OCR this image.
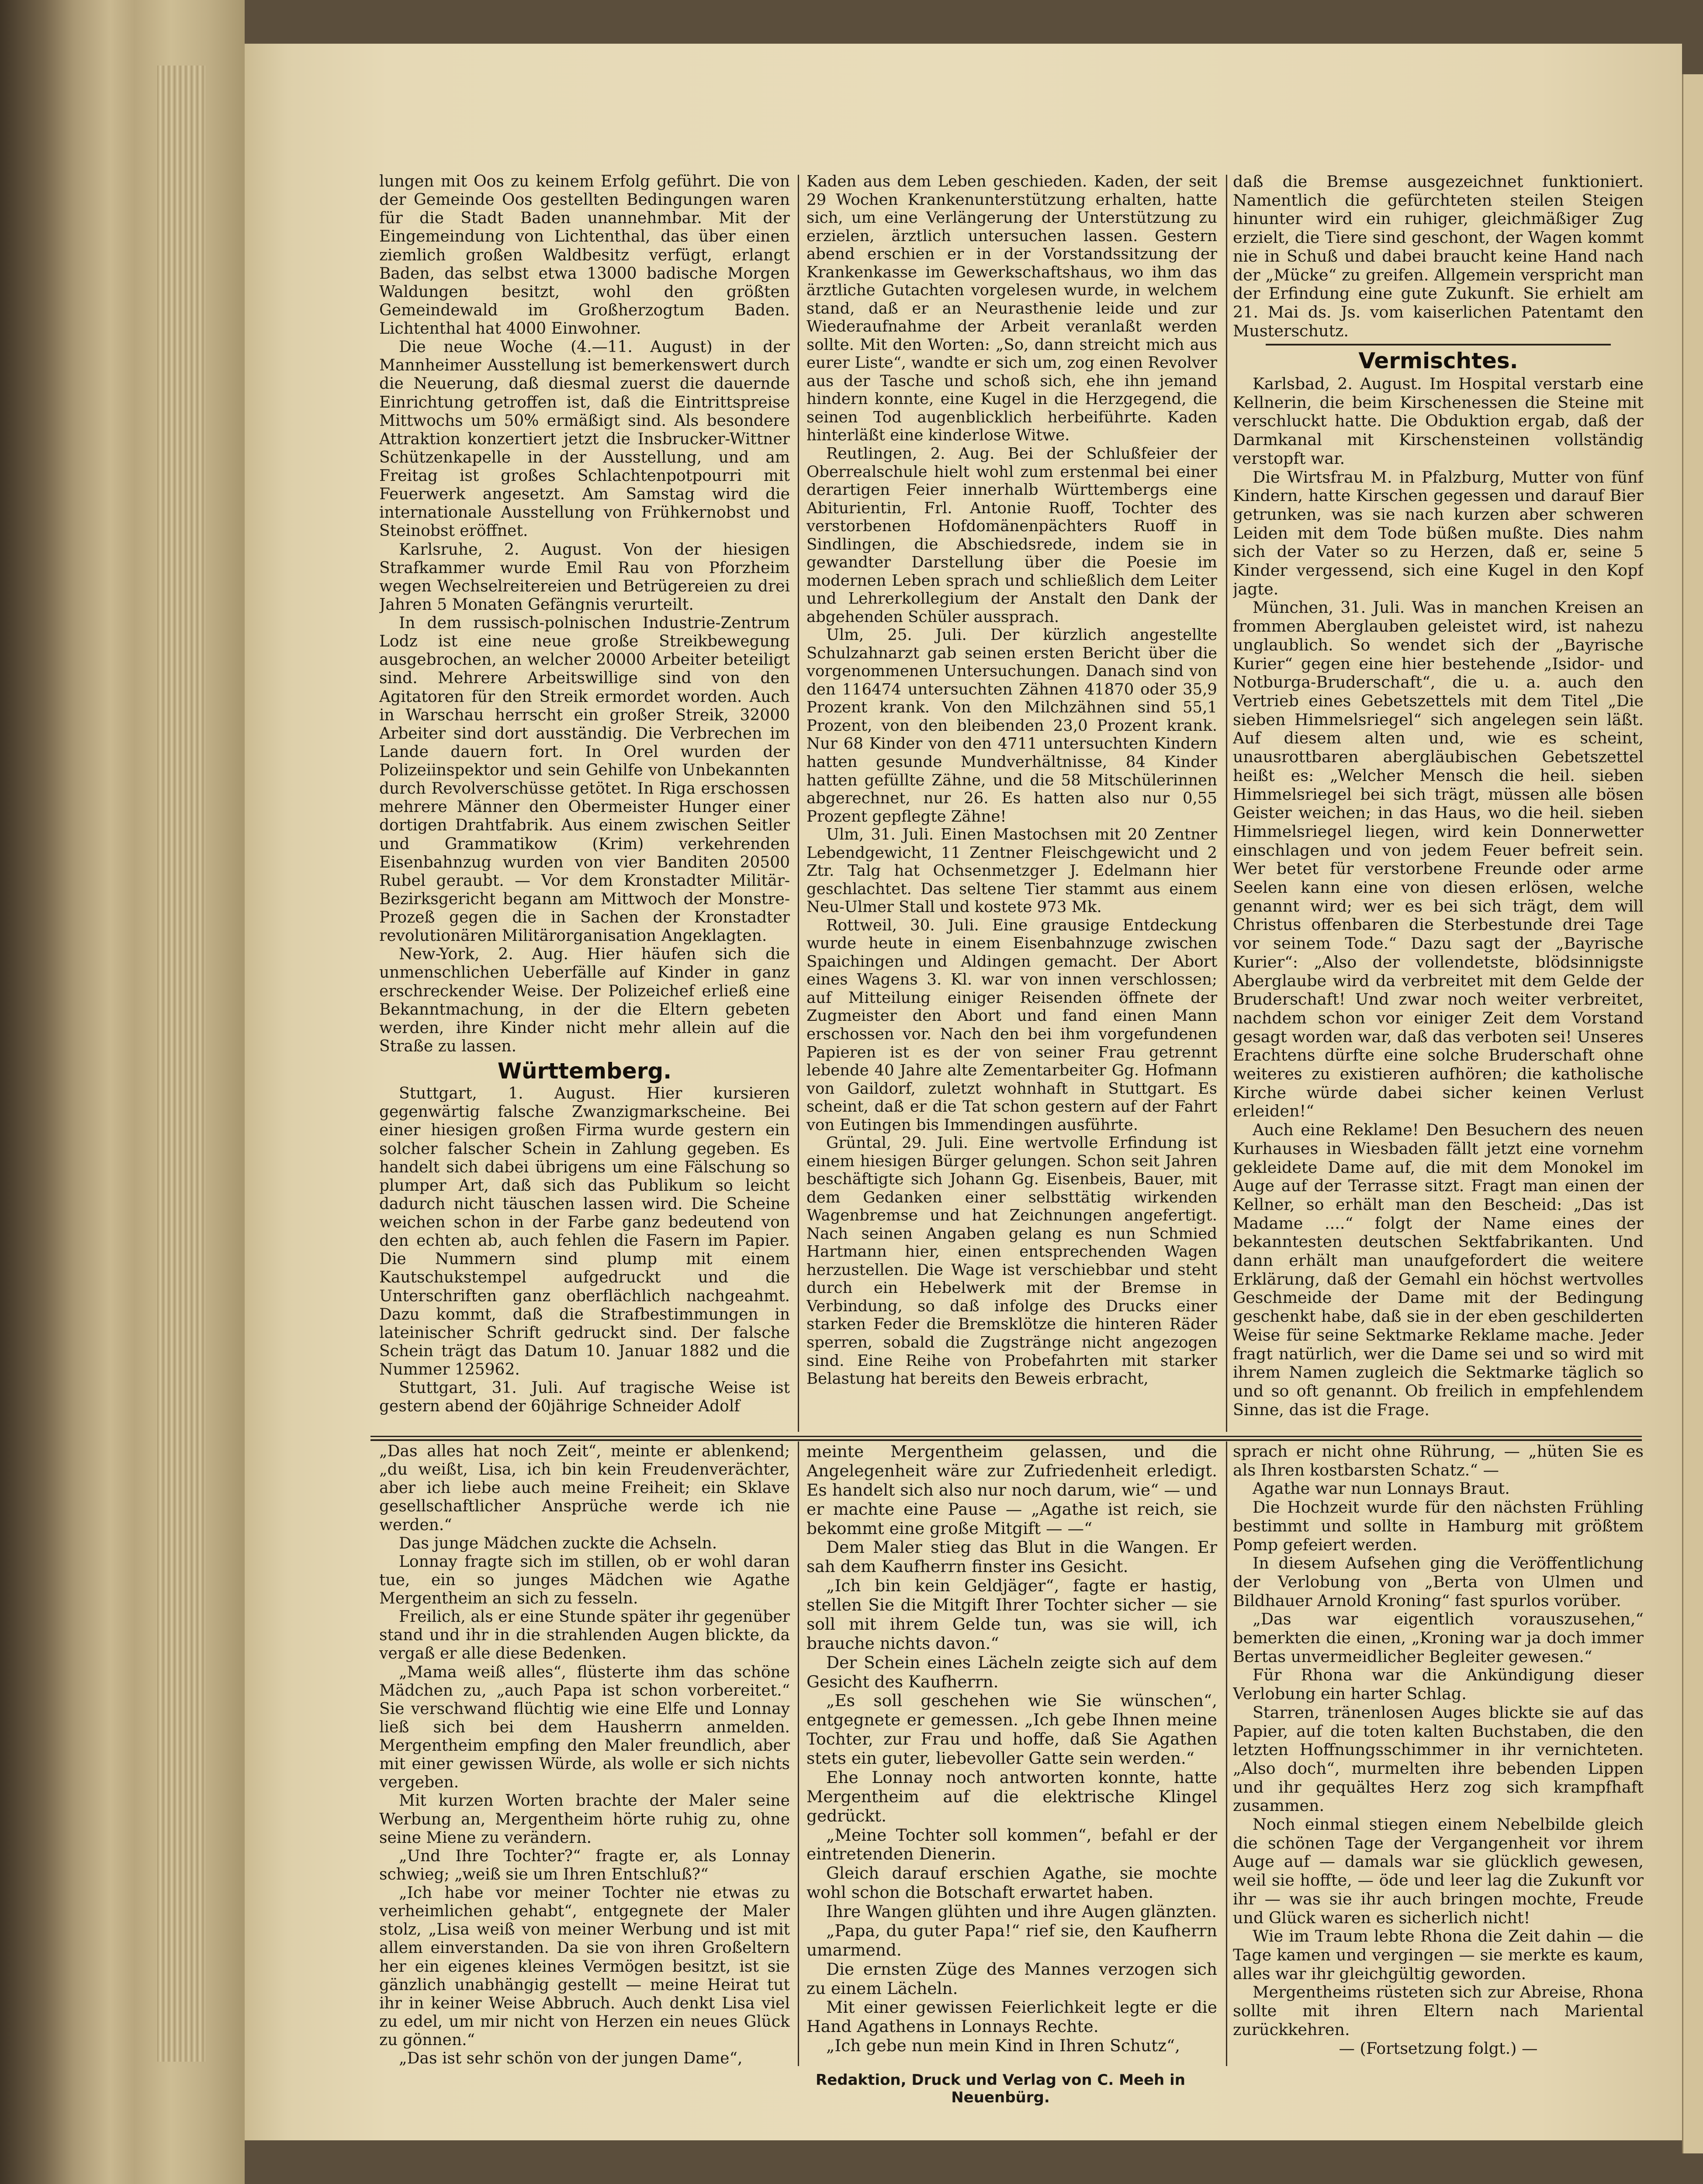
lungen mit Oos zu keinem Erfolg geführt. Die von der Gemeinde Oos gestellten Bedingungen waren für die Stadt Baden unannehmbar. Mit der Eingemeindung von Lichtenthal, das über einen ziemlich großen Waldbesitz verfügt, erlangt Baden, das selbst etwa 13000 badische Morgen Waldungen besitzt, wohl den größten Gemeindewald im Großherzogtum Baden. Lichtenthal hat 4000 Einwohner.

Die neue Woche (4.—11. August) in der Mannheimer Ausstellung ist bemerkenswert durch die Neuerung, daß diesmal zuerst die dauernde Einrichtung getroffen ist, daß die Eintrittspreise Mittwochs um 50% ermäßigt sind. Als besondere Attraktion konzertiert jetzt die Insbrucker-Wittner Schützenkapelle in der Ausstellung, und am Freitag ist großes Schlachtenpotpourri mit Feuerwerk angesetzt. Am Samstag wird die internationale Ausstellung von Frühkernobst und Steinobst eröffnet.

Karlsruhe, 2. August. Von der hiesigen Strafkammer wurde Emil Rau von Pforzheim wegen Wechselreitereien und Betrügereien zu drei Jahren 5 Monaten Gefängnis verurteilt.

In dem russisch-polnischen Industrie-Zentrum Lodz ist eine neue große Streikbewegung ausgebrochen, an welcher 20000 Arbeiter beteiligt sind. Mehrere Arbeitswillige sind von den Agitatoren für den Streik ermordet worden. Auch in Warschau herrscht ein großer Streik, 32000 Arbeiter sind dort ausständig. Die Verbrechen im Lande dauern fort. In Orel wurden der Polizeiinspektor und sein Gehilfe von Unbekannten durch Revolverschüsse getötet. In Riga erschossen mehrere Männer den Obermeister Hunger einer dortigen Drahtfabrik. Aus einem zwischen Seitler und Grammatikow (Krim) verkehrenden Eisenbahnzug wurden von vier Banditen 20500 Rubel geraubt. — Vor dem Kronstadter Militär-Bezirksgericht begann am Mittwoch der Monstre-Prozeß gegen die in Sachen der Kronstadter revolutionären Militärorganisation Angeklagten.

New-York, 2. Aug. Hier häufen sich die unmenschlichen Ueberfälle auf Kinder in ganz erschreckender Weise. Der Polizeichef erließ eine Bekanntmachung, in der die Eltern gebeten werden, ihre Kinder nicht mehr allein auf die Straße zu lassen.

Württemberg.

Stuttgart, 1. August. Hier kursieren gegenwärtig falsche Zwanzigmarkscheine. Bei einer hiesigen großen Firma wurde gestern ein solcher falscher Schein in Zahlung gegeben. Es handelt sich dabei übrigens um eine Fälschung so plumper Art, daß sich das Publikum so leicht dadurch nicht täuschen lassen wird. Die Scheine weichen schon in der Farbe ganz bedeutend von den echten ab, auch fehlen die Fasern im Papier. Die Nummern sind plump mit einem Kautschukstempel aufgedruckt und die Unterschriften ganz oberflächlich nachgeahmt. Dazu kommt, daß die Strafbestimmungen in lateinischer Schrift gedruckt sind. Der falsche Schein trägt das Datum 10. Januar 1882 und die Nummer 125962.

Stuttgart, 31. Juli. Auf tragische Weise ist gestern abend der 60jährige Schneider Adolf

Kaden aus dem Leben geschieden. Kaden, der seit 29 Wochen Krankenunterstützung erhalten, hatte sich, um eine Verlängerung der Unterstützung zu erzielen, ärztlich untersuchen lassen. Gestern abend erschien er in der Vorstandssitzung der Krankenkasse im Gewerkschaftshaus, wo ihm das ärztliche Gutachten vorgelesen wurde, in welchem stand, daß er an Neurasthenie leide und zur Wiederaufnahme der Arbeit veranlaßt werden sollte. Mit den Worten: „So, dann streicht mich aus eurer Liste“, wandte er sich um, zog einen Revolver aus der Tasche und schoß sich, ehe ihn jemand hindern konnte, eine Kugel in die Herzgegend, die seinen Tod augenblicklich herbeiführte. Kaden hinterläßt eine kinderlose Witwe.

Reutlingen, 2. Aug. Bei der Schlußfeier der Oberrealschule hielt wohl zum erstenmal bei einer derartigen Feier innerhalb Württembergs eine Abiturientin, Frl. Antonie Ruoff, Tochter des verstorbenen Hofdomänenpächters Ruoff in Sindlingen, die Abschiedsrede, indem sie in gewandter Darstellung über die Poesie im modernen Leben sprach und schließlich dem Leiter und Lehrerkollegium der Anstalt den Dank der abgehenden Schüler aussprach.

Ulm, 25. Juli. Der kürzlich angestellte Schulzahnarzt gab seinen ersten Bericht über die vorgenommenen Untersuchungen. Danach sind von den 116474 untersuchten Zähnen 41870 oder 35,9 Prozent krank. Von den Milchzähnen sind 55,1 Prozent, von den bleibenden 23,0 Prozent krank. Nur 68 Kinder von den 4711 untersuchten Kindern hatten gesunde Mundverhältnisse, 84 Kinder hatten gefüllte Zähne, und die 58 Mitschülerinnen abgerechnet, nur 26. Es hatten also nur 0,55 Prozent gepflegte Zähne!

Ulm, 31. Juli. Einen Mastochsen mit 20 Zentner Lebendgewicht, 11 Zentner Fleischgewicht und 2 Ztr. Talg hat Ochsenmetzger J. Edelmann hier geschlachtet. Das seltene Tier stammt aus einem Neu-Ulmer Stall und kostete 973 Mk.

Rottweil, 30. Juli. Eine grausige Entdeckung wurde heute in einem Eisenbahnzuge zwischen Spaichingen und Aldingen gemacht. Der Abort eines Wagens 3. Kl. war von innen verschlossen; auf Mitteilung einiger Reisenden öffnete der Zugmeister den Abort und fand einen Mann erschossen vor. Nach den bei ihm vorgefundenen Papieren ist es der von seiner Frau getrennt lebende 40 Jahre alte Zementarbeiter Gg. Hofmann von Gaildorf, zuletzt wohnhaft in Stuttgart. Es scheint, daß er die Tat schon gestern auf der Fahrt von Eutingen bis Immendingen ausführte.

Grüntal, 29. Juli. Eine wertvolle Erfindung ist einem hiesigen Bürger gelungen. Schon seit Jahren beschäftigte sich Johann Gg. Eisenbeis, Bauer, mit dem Gedanken einer selbsttätig wirkenden Wagenbremse und hat Zeichnungen angefertigt. Nach seinen Angaben gelang es nun Schmied Hartmann hier, einen entsprechenden Wagen herzustellen. Die Wage ist verschiebbar und steht durch ein Hebelwerk mit der Bremse in Verbindung, so daß infolge des Drucks einer starken Feder die Bremsklötze die hinteren Räder sperren, sobald die Zugstränge nicht angezogen sind. Eine Reihe von Probefahrten mit starker Belastung hat bereits den Beweis erbracht,

daß die Bremse ausgezeichnet funktioniert. Namentlich die gefürchteten steilen Steigen hinunter wird ein ruhiger, gleichmäßiger Zug erzielt, die Tiere sind geschont, der Wagen kommt nie in Schuß und dabei braucht keine Hand nach der „Mücke“ zu greifen. Allgemein verspricht man der Erfindung eine gute Zukunft. Sie erhielt am 21. Mai ds. Js. vom kaiserlichen Patentamt den Musterschutz.

Vermischtes.

Karlsbad, 2. August. Im Hospital verstarb eine Kellnerin, die beim Kirschenessen die Steine mit verschluckt hatte. Die Obduktion ergab, daß der Darmkanal mit Kirschensteinen vollständig verstopft war.

Die Wirtsfrau M. in Pfalzburg, Mutter von fünf Kindern, hatte Kirschen gegessen und darauf Bier getrunken, was sie nach kurzen aber schweren Leiden mit dem Tode büßen mußte. Dies nahm sich der Vater so zu Herzen, daß er, seine 5 Kinder vergessend, sich eine Kugel in den Kopf jagte.

München, 31. Juli. Was in manchen Kreisen an frommen Aberglauben geleistet wird, ist nahezu unglaublich. So wendet sich der „Bayrische Kurier“ gegen eine hier bestehende „Isidor- und Notburga-Bruderschaft“, die u. a. auch den Vertrieb eines Gebetszettels mit dem Titel „Die sieben Himmelsriegel“ sich angelegen sein läßt. Auf diesem alten und, wie es scheint, unausrottbaren abergläubischen Gebetszettel heißt es: „Welcher Mensch die heil. sieben Himmelsriegel bei sich trägt, müssen alle bösen Geister weichen; in das Haus, wo die heil. sieben Himmelsriegel liegen, wird kein Donnerwetter einschlagen und von jedem Feuer befreit sein. Wer betet für verstorbene Freunde oder arme Seelen kann eine von diesen erlösen, welche genannt wird; wer es bei sich trägt, dem will Christus offenbaren die Sterbestunde drei Tage vor seinem Tode.“ Dazu sagt der „Bayrische Kurier“: „Also der vollendetste, blödsinnigste Aberglaube wird da verbreitet mit dem Gelde der Bruderschaft! Und zwar noch weiter verbreitet, nachdem schon vor einiger Zeit dem Vorstand gesagt worden war, daß das verboten sei! Unseres Erachtens dürfte eine solche Bruderschaft ohne weiteres zu existieren aufhören; die katholische Kirche würde dabei sicher keinen Verlust erleiden!“

Auch eine Reklame! Den Besuchern des neuen Kurhauses in Wiesbaden fällt jetzt eine vornehm gekleidete Dame auf, die mit dem Monokel im Auge auf der Terrasse sitzt. Fragt man einen der Kellner, so erhält man den Bescheid: „Das ist Madame ....“ folgt der Name eines der bekanntesten deutschen Sektfabrikanten. Und dann erhält man unaufgefordert die weitere Erklärung, daß der Gemahl ein höchst wertvolles Geschmeide der Dame mit der Bedingung geschenkt habe, daß sie in der eben geschilderten Weise für seine Sektmarke Reklame mache. Jeder fragt natürlich, wer die Dame sei und so wird mit ihrem Namen zugleich die Sektmarke täglich so und so oft genannt. Ob freilich in empfehlendem Sinne, das ist die Frage.

„Das alles hat noch Zeit“, meinte er ablenkend; „du weißt, Lisa, ich bin kein Freudenverächter, aber ich liebe auch meine Freiheit; ein Sklave gesellschaftlicher Ansprüche werde ich nie werden.“

Das junge Mädchen zuckte die Achseln.

Lonnay fragte sich im stillen, ob er wohl daran tue, ein so junges Mädchen wie Agathe Mergentheim an sich zu fesseln.

Freilich, als er eine Stunde später ihr gegenüber stand und ihr in die strahlenden Augen blickte, da vergaß er alle diese Bedenken.

„Mama weiß alles“, flüsterte ihm das schöne Mädchen zu, „auch Papa ist schon vorbereitet.“ Sie verschwand flüchtig wie eine Elfe und Lonnay ließ sich bei dem Hausherrn anmelden. Mergentheim empfing den Maler freundlich, aber mit einer gewissen Würde, als wolle er sich nichts vergeben.

Mit kurzen Worten brachte der Maler seine Werbung an, Mergentheim hörte ruhig zu, ohne seine Miene zu verändern.

„Und Ihre Tochter?“ fragte er, als Lonnay schwieg; „weiß sie um Ihren Entschluß?“

„Ich habe vor meiner Tochter nie etwas zu verheimlichen gehabt“, entgegnete der Maler stolz, „Lisa weiß von meiner Werbung und ist mit allem einverstanden. Da sie von ihren Großeltern her ein eigenes kleines Vermögen besitzt, ist sie gänzlich unabhängig gestellt — meine Heirat tut ihr in keiner Weise Abbruch. Auch denkt Lisa viel zu edel, um mir nicht von Herzen ein neues Glück zu gönnen.“

„Das ist sehr schön von der jungen Dame“,

meinte Mergentheim gelassen, und die Angelegenheit wäre zur Zufriedenheit erledigt. Es handelt sich also nur noch darum, wie“ — und er machte eine Pause — „Agathe ist reich, sie bekommt eine große Mitgift — —“

Dem Maler stieg das Blut in die Wangen. Er sah dem Kaufherrn finster ins Gesicht.

„Ich bin kein Geldjäger“, fagte er hastig, stellen Sie die Mitgift Ihrer Tochter sicher — sie soll mit ihrem Gelde tun, was sie will, ich brauche nichts davon.“

Der Schein eines Lächeln zeigte sich auf dem Gesicht des Kaufherrn.

„Es soll geschehen wie Sie wünschen“, entgegnete er gemessen. „Ich gebe Ihnen meine Tochter, zur Frau und hoffe, daß Sie Agathen stets ein guter, liebevoller Gatte sein werden.“

Ehe Lonnay noch antworten konnte, hatte Mergentheim auf die elektrische Klingel gedrückt.

„Meine Tochter soll kommen“, befahl er der eintretenden Dienerin.

Gleich darauf erschien Agathe, sie mochte wohl schon die Botschaft erwartet haben.

Ihre Wangen glühten und ihre Augen glänzten.

„Papa, du guter Papa!“ rief sie, den Kaufherrn umarmend.

Die ernsten Züge des Mannes verzogen sich zu einem Lächeln.

Mit einer gewissen Feierlichkeit legte er die Hand Agathens in Lonnays Rechte.

„Ich gebe nun mein Kind in Ihren Schutz“,

sprach er nicht ohne Rührung, — „hüten Sie es als Ihren kostbarsten Schatz.“ —

Agathe war nun Lonnays Braut.

Die Hochzeit wurde für den nächsten Frühling bestimmt und sollte in Hamburg mit größtem Pomp gefeiert werden.

In diesem Aufsehen ging die Veröffentlichung der Verlobung von „Berta von Ulmen und Bildhauer Arnold Kroning“ fast spurlos vorüber.

„Das war eigentlich vorauszusehen,“ bemerkten die einen, „Kroning war ja doch immer Bertas unvermeidlicher Begleiter gewesen.“

Für Rhona war die Ankündigung dieser Verlobung ein harter Schlag.

Starren, tränenlosen Auges blickte sie auf das Papier, auf die toten kalten Buchstaben, die den letzten Hoffnungsschimmer in ihr vernichteten. „Also doch“, murmelten ihre bebenden Lippen und ihr gequältes Herz zog sich krampfhaft zusammen.

Noch einmal stiegen einem Nebelbilde gleich die schönen Tage der Vergangenheit vor ihrem Auge auf — damals war sie glücklich gewesen, weil sie hoffte, — öde und leer lag die Zukunft vor ihr — was sie ihr auch bringen mochte, Freude und Glück waren es sicherlich nicht!

Wie im Traum lebte Rhona die Zeit dahin — die Tage kamen und vergingen — sie merkte es kaum, alles war ihr gleichgültig geworden.

Mergentheims rüsteten sich zur Abreise, Rhona sollte mit ihren Eltern nach Mariental zurückkehren.

— (Fortsetzung folgt.) —

Redaktion, Druck und Verlag von C. Meeh in Neuenbürg.
